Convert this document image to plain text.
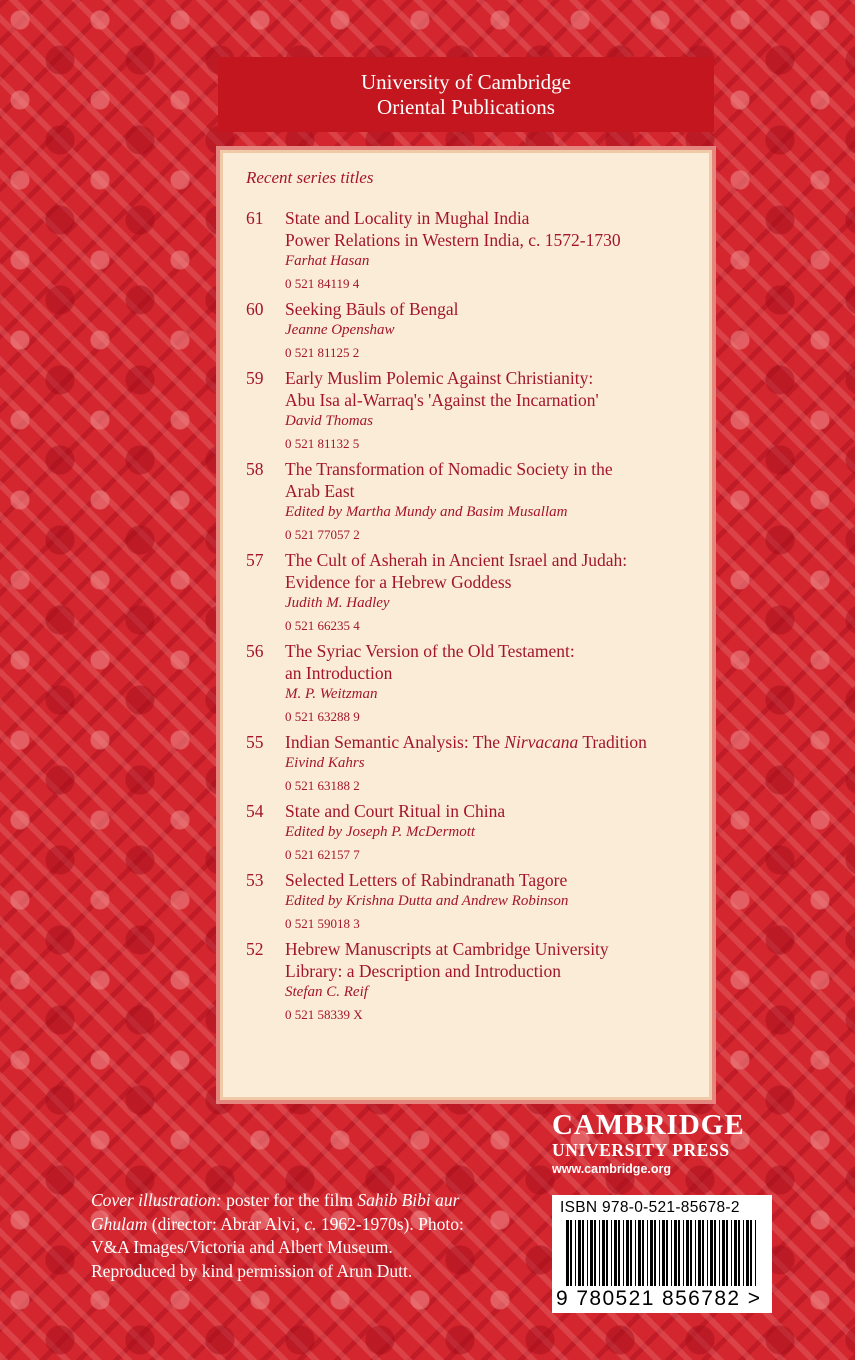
University of Cambridge
Oriental Publications
Recent series titles
61 State and Locality in Mughal India
Power Relations in Western India, c. 1572-1730
Farhat Hasan
0 521 84119 4
60 Seeking Bāuls of Bengal
Jeanne Openshaw
0 521 81125 2
59 Early Muslim Polemic Against Christianity:
Abu Isa al-Warraq's 'Against the Incarnation'
David Thomas
0 521 81132 5
58 The Transformation of Nomadic Society in the
Arab East
Edited by Martha Mundy and Basim Musallam
0 521 77057 2
57 The Cult of Asherah in Ancient Israel and Judah:
Evidence for a Hebrew Goddess
Judith M. Hadley
0 521 66235 4
56 The Syriac Version of the Old Testament:
an Introduction
M. P. Weitzman
0 521 63288 9
55 Indian Semantic Analysis: The Nirvacana Tradition
Eivind Kahrs
0 521 63188 2
54 State and Court Ritual in China
Edited by Joseph P. McDermott
0 521 62157 7
53 Selected Letters of Rabindranath Tagore
Edited by Krishna Dutta and Andrew Robinson
0 521 59018 3
52 Hebrew Manuscripts at Cambridge University
Library: a Description and Introduction
Stefan C. Reif
0 521 58339 X
CAMBRIDGE
UNIVERSITY PRESS
www.cambridge.org
ISBN 978-0-521-85678-2
9 780521 856782 >
Cover illustration: poster for the film Sahib Bibi aur Ghulam (director: Abrar Alvi, c. 1962-1970s). Photo: V&A Images/Victoria and Albert Museum. Reproduced by kind permission of Arun Dutt.
